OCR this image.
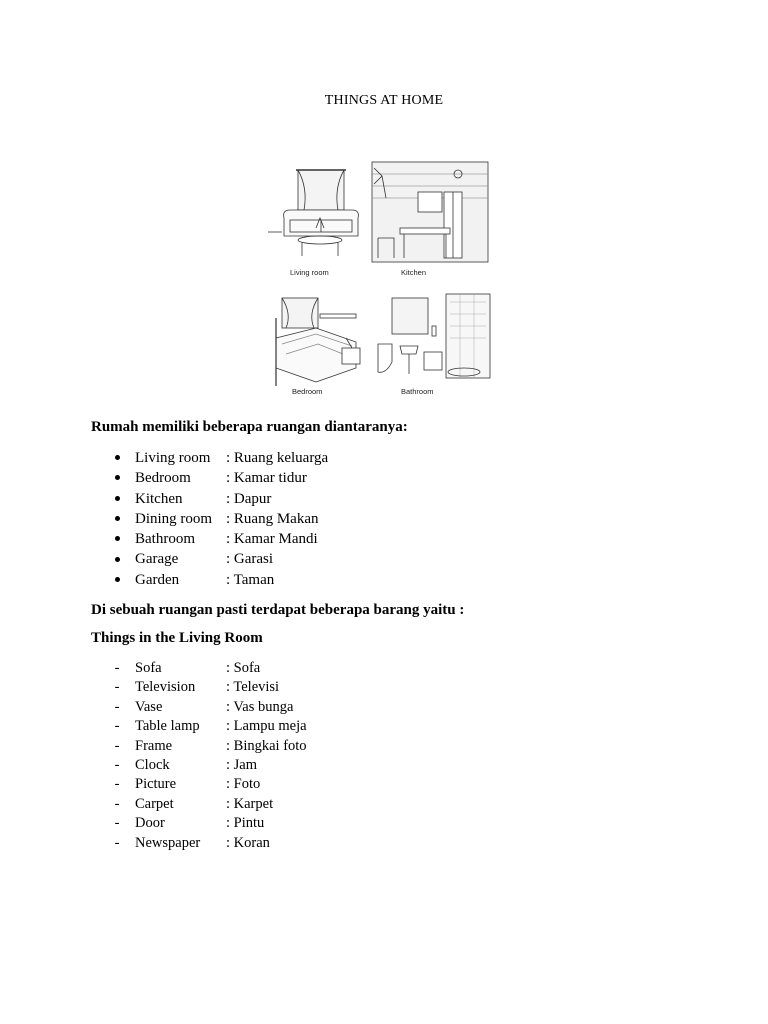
THINGS AT HOME
Living room	Kitchen
Bedroom	Bathroom
Rumah memiliki beberapa ruangan diantaranya:
Living room : Ruang keluarga
Bedroom : Kamar tidur
Kitchen	: Dapur
Dining room : Ruang Makan
Bathroom : Kamar Mandi
Garage	: Garasi
Garden	: Taman
Di sebuah ruangan pasti terdapat beberapa barang yaitu :
Things in the Living Room
-	Sofa	: Sofa
-	Television : Televisi
-	Vase	: Vas bunga
-	Table lamp : Lampu meja
-	Frame	: Bingkai foto
-	Clock	: Jam
-	Picture	: Foto
-	Carpet	: Karpet
-	Door	: Pintu
-	Newspaper : Koran
